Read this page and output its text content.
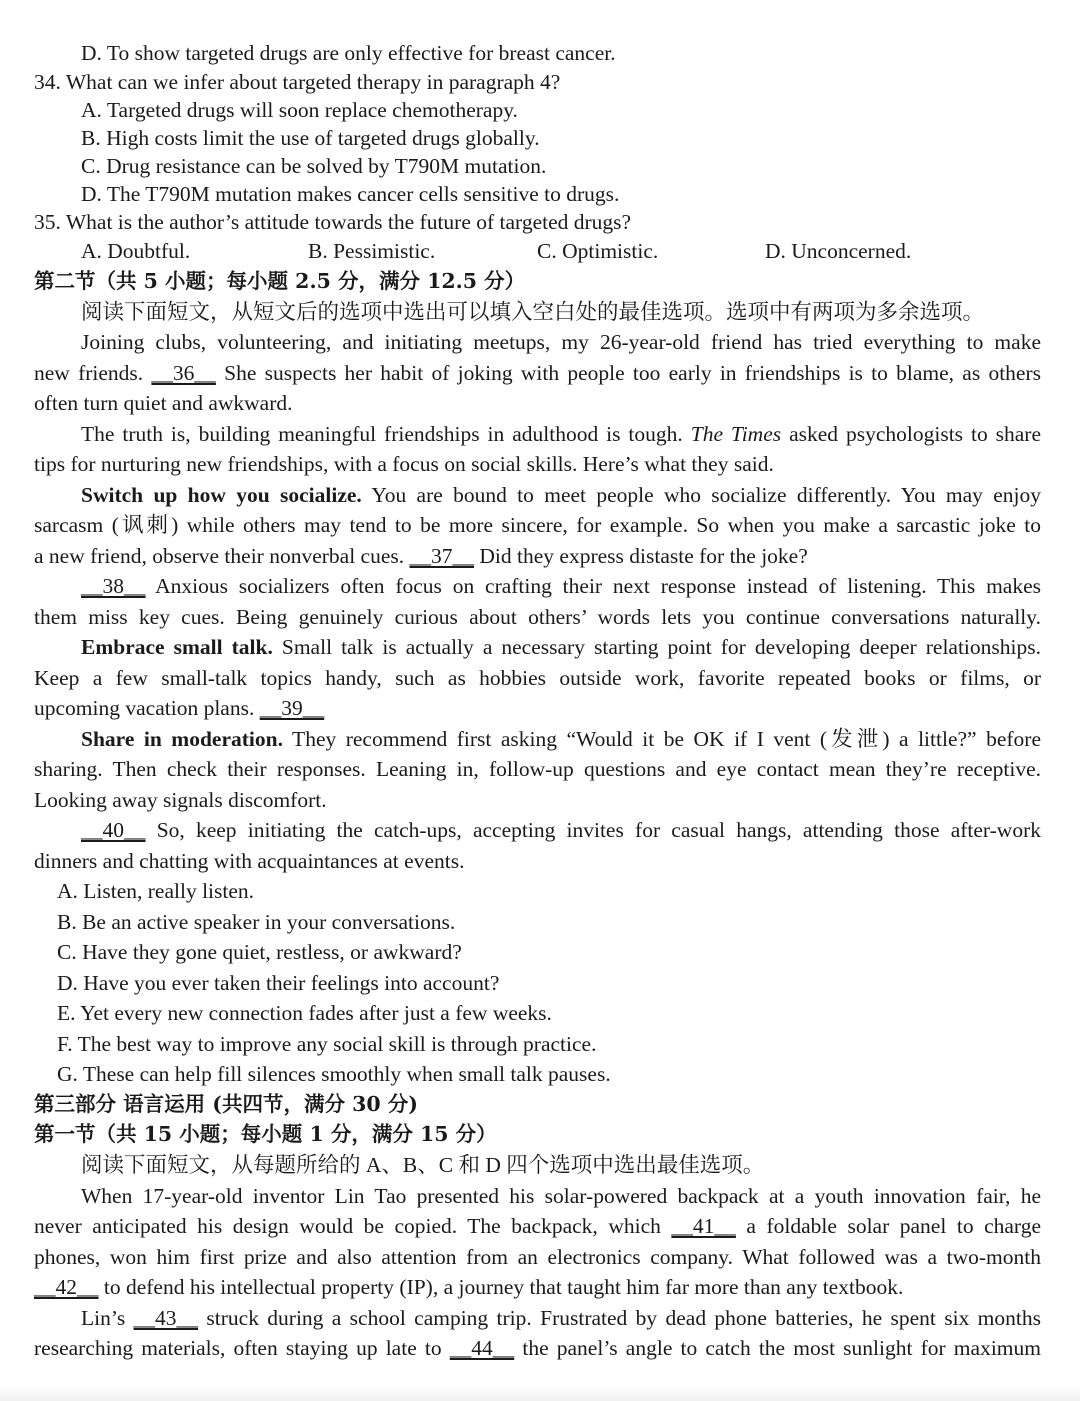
D. To show targeted drugs are only effective for breast cancer.
34. What can we infer about targeted therapy in paragraph 4?
A. Targeted drugs will soon replace chemotherapy.
B. High costs limit the use of targeted drugs globally.
C. Drug resistance can be solved by T790M mutation.
D. The T790M mutation makes cancer cells sensitive to drugs.
35. What is the author’s attitude towards the future of targeted drugs?
A. Doubtful.	B. Pessimistic.	C. Optimistic.	D. Unconcerned.
第二节（共 5 小题；每小题 2.5 分，满分 12.5 分）
阅读下面短文，从短文后的选项中选出可以填入空白处的最佳选项。选项中有两项为多余选项。
Joining clubs, volunteering, and initiating meetups, my 26-year-old friend has tried everything to make
new friends. __36__ She suspects her habit of joking with people too early in friendships is to blame, as others
often turn quiet and awkward.
The truth is, building meaningful friendships in adulthood is tough. The Times asked psychologists to share
tips for nurturing new friendships, with a focus on social skills. Here’s what they said.
Switch up how you socialize. You are bound to meet people who socialize differently. You may enjoy
sarcasm (讽刺) while others may tend to be more sincere, for example. So when you make a sarcastic joke to
a new friend, observe their nonverbal cues. __37__ Did they express distaste for the joke?
__38__ Anxious socializers often focus on crafting their next response instead of listening. This makes
them miss key cues. Being genuinely curious about others’ words lets you continue conversations naturally.
Embrace small talk. Small talk is actually a necessary starting point for developing deeper relationships.
Keep a few small-talk topics handy, such as hobbies outside work, favorite repeated books or films, or
upcoming vacation plans. __39__
Share in moderation. They recommend first asking “Would it be OK if I vent (发泄) a little?” before
sharing. Then check their responses. Leaning in, follow-up questions and eye contact mean they’re receptive.
Looking away signals discomfort.
__40__ So, keep initiating the catch-ups, accepting invites for casual hangs, attending those after-work
dinners and chatting with acquaintances at events.
A. Listen, really listen.
B. Be an active speaker in your conversations.
C. Have they gone quiet, restless, or awkward?
D. Have you ever taken their feelings into account?
E. Yet every new connection fades after just a few weeks.
F. The best way to improve any social skill is through practice.
G. These can help fill silences smoothly when small talk pauses.
第三部分 语言运用 (共四节，满分 30 分)
第一节（共 15 小题；每小题 1 分，满分 15 分）
阅读下面短文，从每题所给的 A、B、C 和 D 四个选项中选出最佳选项。
When 17-year-old inventor Lin Tao presented his solar-powered backpack at a youth innovation fair, he
never anticipated his design would be copied. The backpack, which __41__ a foldable solar panel to charge
phones, won him first prize and also attention from an electronics company. What followed was a two-month
__42__ to defend his intellectual property (IP), a journey that taught him far more than any textbook.
Lin’s __43__ struck during a school camping trip. Frustrated by dead phone batteries, he spent six months
researching materials, often staying up late to __44__ the panel’s angle to catch the most sunlight for maximum
